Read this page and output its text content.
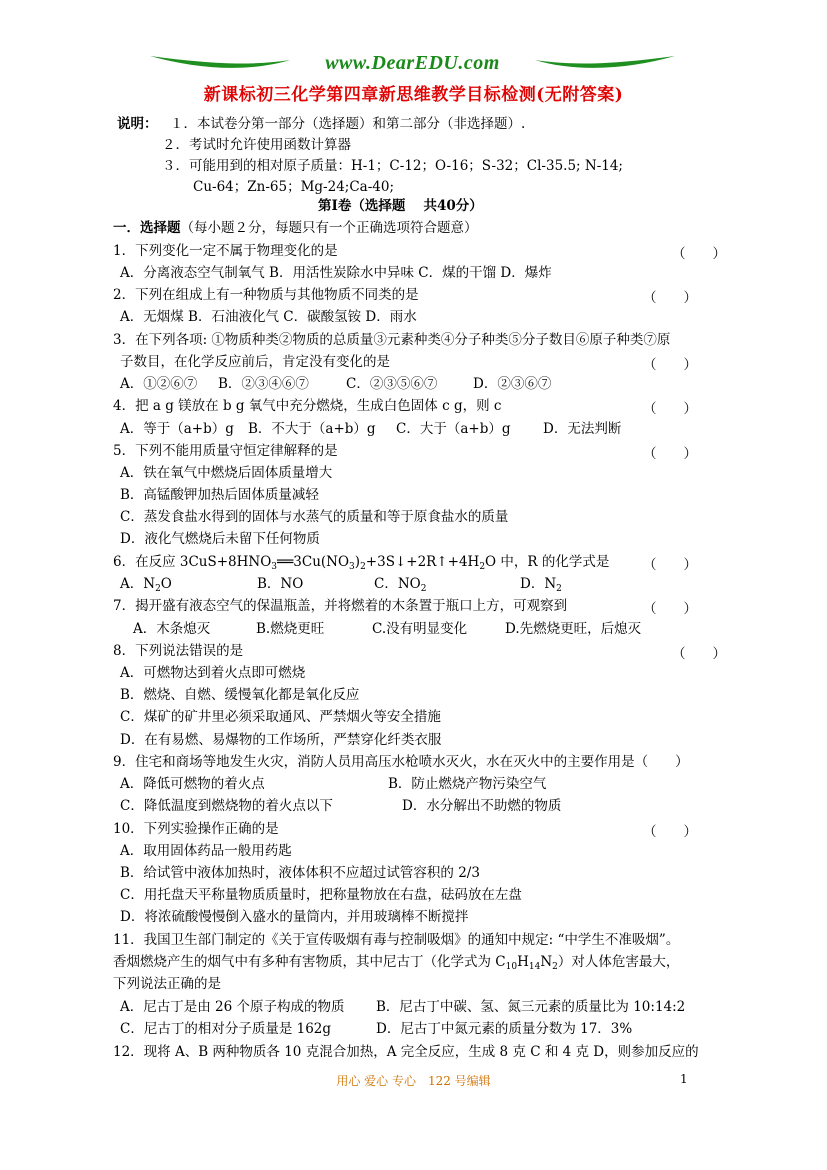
www.DearEDU.com
新课标初三化学第四章新思维教学目标检测(无附答案)
说明： １．本试卷分第一部分（选择题）和第二部分（非选择题）.
２．考试时允许使用函数计算器
３．可能用到的相对原子质量：H-1；C-12；O-16；S-32；Cl-35.5; N-14;
Cu-64；Zn-65；Mg-24;Ca-40;
第Ⅰ卷（选择题　 共40分）
一．选择题（每小题２分，每题只有一个正确选项符合题意）
1．下列变化一定不属于物理变化的是	（　　）
A．分离液态空气制氧气 B．用活性炭除水中异味 C．煤的干馏 D．爆炸
2．下列在组成上有一种物质与其他物质不同类的是	（　　）
A．无烟煤 B．石油液化气 C．碳酸氢铵 D．雨水
3．在下列各项: ①物质种类②物质的总质量③元素种类④分子种类⑤分子数目⑥原子种类⑦原
子数目，在化学反应前后，肯定没有变化的是	（　　）
A．①②⑥⑦ B．②③④⑥⑦	C．②③⑤⑥⑦	D．②③⑥⑦
4．把 a g 镁放在 b g 氧气中充分燃烧，生成白色固体 c g，则 c	（　　）
A．等于（a+b）g B．不大于（a+b）g C．大于（a+b）g D．无法判断
5．下列不能用质量守恒定律解释的是	（　　）
A．铁在氧气中燃烧后固体质量增大
B．高锰酸钾加热后固体质量减轻
C．蒸发食盐水得到的固体与水蒸气的质量和等于原食盐水的质量
D．液化气燃烧后未留下任何物质
6．在反应 $3CuS+8HNO_3══3Cu(NO_3)_2+3S↓+2R↑+4H_2O$ 中，R 的化学式是 （　　）
A．$N_2O$	B．NO	C．$NO_2$	D．$N_2$
7．揭开盛有液态空气的保温瓶盖，并将燃着的木条置于瓶口上方，可观察到	（　　）
A．木条熄灭	B.燃烧更旺	C.没有明显变化	D.先燃烧更旺，后熄灭
8．下列说法错误的是	（　　）
A．可燃物达到着火点即可燃烧
B．燃烧、自燃、缓慢氧化都是氧化反应
C．煤矿的矿井里必须采取通风、严禁烟火等安全措施
D．在有易燃、易爆物的工作场所，严禁穿化纤类衣服
9．住宅和商场等地发生火灾，消防人员用高压水枪喷水灭火，水在灭火中的主要作用是（　　）
A．降低可燃物的着火点	B．防止燃烧产物污染空气
C．降低温度到燃烧物的着火点以下	D．水分解出不助燃的物质
10．下列实验操作正确的是	（　　）
A．取用固体药品一般用药匙
B．给试管中液体加热时，液体体积不应超过试管容积的 2/3
C．用托盘天平称量物质质量时，把称量物放在右盘，砝码放在左盘
D．将浓硫酸慢慢倒入盛水的量筒内，并用玻璃棒不断搅拌
11．我国卫生部门制定的《关于宣传吸烟有毒与控制吸烟》的通知中规定: “中学生不准吸烟”。
香烟燃烧产生的烟气中有多种有害物质，其中尼古丁（化学式为 $C_{10}H_{14}N_2$）对人体危害最大，
下列说法正确的是
A．尼古丁是由 26 个原子构成的物质 B．尼古丁中碳、氢、氮三元素的质量比为 10:14:2
C．尼古丁的相对分子质量是 162g	D．尼古丁中氮元素的质量分数为 17．3%
12．现将 A、B 两种物质各 10 克混合加热，A 完全反应，生成 8 克 C 和 4 克 D，则参加反应的
用心 爱心 专心　122 号编辑	1
